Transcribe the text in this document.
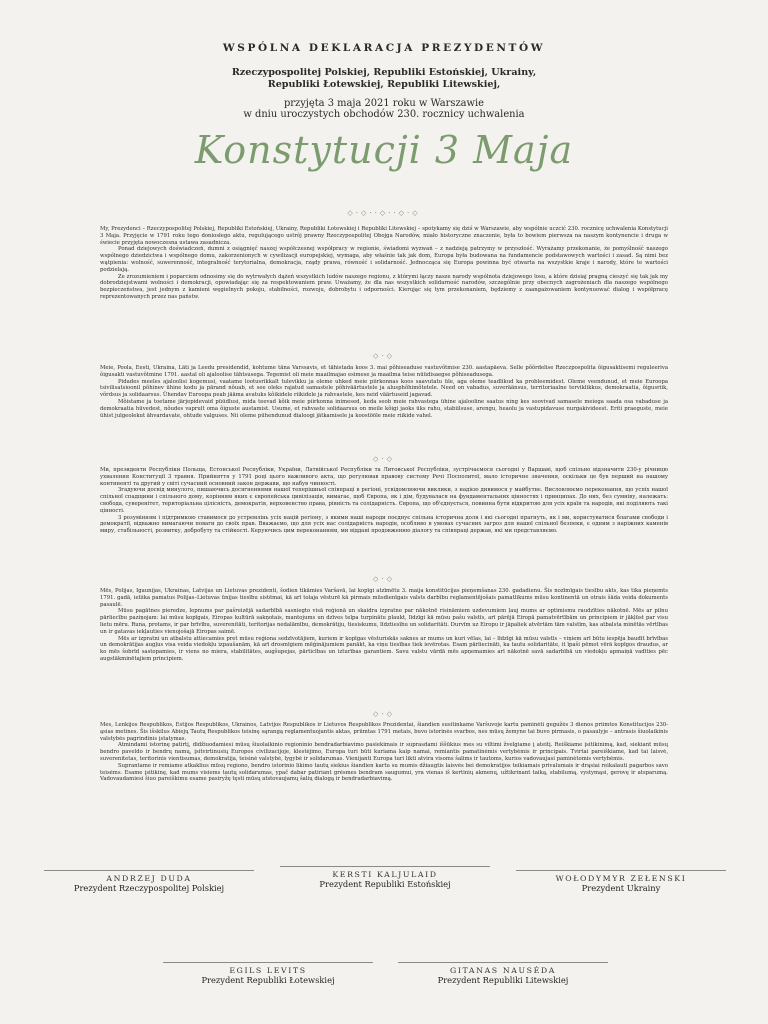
WSPÓLNA DEKLARACJA PREZYDENTÓW
Rzeczypospolitej Polskiej, Republiki Estońskiej, Ukrainy,
Republiki Łotewskiej, Republiki Litewskiej,
przyjęta 3 maja 2021 roku w Warszawie
w dniu uroczystych obchodów 230. rocznicy uchwalenia
Konstytucji 3 Maja
◇·◇··◇··◇·◇

My, Prezydenci – Rzeczypospolitej Polskiej, Republiki Estońskiej, Ukrainy, Republiki Łotewskiej i Republiki Litewskiej – spotykamy się dziś w Warszawie, aby wspólnie uczcić 230. rocznicę uchwalenia Konstytucji 3 Maja. Przyjęcie w 1791 roku tego doniosłego aktu, regulującego ustrój prawny Rzeczypospolitej Obojga Narodów, miało historyczne znaczenie, była to bowiem pierwsza na naszym kontynencie i druga w świecie przyjęta nowoczesna ustawa zasadnicza.

Ponad dziejowych doświadczeń, dumni z osiągnięć naszej współczesnej współpracy w regionie, świadomi wyzwań – z nadzieją patrzymy w przyszłość. Wyrażamy przekonanie, że pomyślność naszego wspólnego dziedzictwa i wspólnego domu, zakorzenionych w cywilizacji europejskiej, wymaga, aby właśnie tak jak dom, Europa była budowana na fundamencie podstawowych wartości i zasad. Są nimi bez wątpienia: wolność, suwerenność, integralność terytorialna, demokracja, rządy prawa, równość i solidarność. Jednocząca się Europa powinna być otwarta na wszystkie kraje i narody, które te wartości podzielają.

Ze zrozumieniem i poparciem odnosimy się do wytrwałych dążeń wszystkich ludów naszego regionu, z którymi łączy nasze narody wspólnota dziejowego losu, a które dzisiaj pragną cieszyć się tak jak my dobrodziejstwami wolności i demokracji, opowiadając się za respektowaniem praw. Uważamy, że dla nas wszystkich solidarność narodów, szczególnie przy obecnych zagrożeniach dla naszego wspólnego bezpieczeństwa, jest jednym z kamieni węgielnych pokoju, stabilności, rozwoju, dobrobytu i odporności. Kierując się tym przekonaniem, będziemy z zaangażowaniem kontynuować dialog i współpracę reprezentowanych przez nas państw.

◇·◇

Meie, Poola, Eesti, Ukraina, Läti ja Leedu presidendid, kohtume täna Varssavis, et tähistada koos 3. mai põhiseaduse vastuvõtmise 230. aastapäeva. Selle põõrdelise Rzeczpospolita õigusaktisemi reguleeriva õigusakti vastuvõtmine 1791. aastal oli ajaloolise tähtsusega. Tegemist oli meie maailmajao esimese ja maailma teise nüüdisaegse põhiseadusega.

Pidades meeles ajaloolisi kogemusi, vaatame lootusrikkalt tulevikku ja oleme uhked meie piirkonnas koos saavutatu üle, aga oleme teadlikud ka probleemidest. Oleme veendunud, et meie Euroopa tsivilisatsioonil põhinev ühine kodu ja pärand nõuab, et see oleks rajatud samastele põhiväärtustele ja alusphõhimõtetele. Need on vabadus, suveräänsus, territoriaalne terviklikkus, demokraatia, õigusriik, võrdsus ja solidaarsus. Ühendav Euroopa peab jääma avatuks kõikidele riikidele ja rahvastele, kes neid väärtuseid jagavad.

Mõistame ja toetame järjepidevaid püüdlusi, mida teevad kõik meie piirkonna inimesed, keda seob meie rahvastega ühine ajalooline saatus ning kes soovivad samasele meiega saada osa vabaduse ja demokraatia hüvedest, nõudes vaprult oma õiguste austamist. Usume, et rahvaste solidaarsus on meile kõigi jaoks üks rahu, stabiilsuse, arengu, heaolu ja vastupidavuse nurgakivideest. Eriti praeguste, meie ühist julgeolekut ähvardavate, ohtude valguses. Nii oleme pühendunud dialoogi jätkamisele ja koostööle meie riikide vahel.

◇·◇

Ми, президенти Республіки Польща, Естонської Республіки, України, Латвійської Республіки та Литовської Республіки, зустрічаємося сьогодні у Варшаві, щоб спільно відзначити 230-у річницю ухвалення Конституції 3 травня. Прийняття у 1791 році цього важливого акта, що регулював правову систему Речі Посполитої, мало історичне значення, оскільки це був перший на нашому континенті та другий у світі сучасний основний закон держави, що набув чинності.

Згадуючи досвід минулого, пишаючись досягненнями нашої теперішньої співпраці в регіоні, усвідомлюючи виклики, з надією дивимося у майбутнє. Висловлюємо переконання, що успіх нашої спільної спадщини і спільного дому, корінням яких є європейська цивілізація, вимагає, щоб Європа, як і дім, будувалася на фундаментальних цінностях і принципах. До них, без сумніву, належать: свобода, суверенітет, територіальна цілісність, демократія, верховенство права, рівність та солідарність. Європа, що об'єднується, повинна бути відкритою для усіх країн та народів, які поділяють такі цінності.

З розумінням і підтримкою ставимося до устремлінь усіх націй регіону, з якими наші народи поєднує спільна історична доля і які сьогодні прагнуть, як і ми, користуватися благами свободи і демократії, відважно вимагаючи поваги до своїх прав. Вважаємо, що для усіх нас солідарність народів, особливо в умовах сучасних загроз для нашої спільної безпеки, є одним з наріжних каменів миру, стабільності, розвитку, добробуту та стійкості. Керуючись цим переконанням, ми віддані продовженню діалогу та співпраці держав, які ми представляємо.

◇·◇

Mēs, Polijas, Igaunijas, Ukrainas, Latvijas un Lietuvas prezidenti, šodien tikāmies Varšavā, lai kopīgi atzīmētu 3. maija konstitūcijas pieņemšanas 230. gadadienu. Šis nozīmīgais tiesību akts, kas tika pieņemts 1791. gadā, ieliika pamatus Polijas–Lietuvas ūnijas tiesību sistēmai, kā arī tolaja vēsturē kā pirmais mūsdienīgais valsts darbību reglamentējošais pamatlikums mūsu kontinentā un otrais šāda veida dokuments pasaulē.

Mūsu pagātnes pieredze, lepnums par pašreizējā sadarbībā sasniegto visā reģionā un skaidra izpratne par nākotnē risināmiem uzdevumiem ļauj mums ar optimismu raudzīties nākotnē. Mēs ar pilnu pārliecību paziņojam: lai mūsu kopīgais, Eiropas kultūrā sakņotais, mantojums un dzīves telpa turpinātu plaukt, līdzīgi kā mūsu pašu valstīs, arī pārējā Eiropā pamatvērtībām un principiem ir jākļūst par visu lietu mēru. Runa, protams, ir par brīvību, suverenitāti, teritorijas nedalāmību, demokrātiju, tiesiskumu, līdztiesību un solidaritāti. Durvīm uz Eiropu ir jāpaliek atvērtām tām valstīm, kas atbalsta minētās vērtības un ir gatavas iekļauties vienojošajā Eiropas saimē.

Mēs ar izpratni un atbalstu attiecamies pret mūsu reģiona sedzīvotājiem, kuriem ir kopīgas vēsturiskās saknes ar mums un kuri vēlas, lai – līdzīgi kā mūsu valstīs – viņiem arī būtu iespēja baudīt brīvības un demokrātijas augļus visa veida viedokļu izpaušanām, kā arī drosmīgiem mēģinājumiem panākt, ka viņu tiesības tiek ievērotas. Esam pārliecināti, ka tautu solidaritāte, it īpaši pēmot vērā kopīgos draudus, ar ko mēs šobrīd sastopamies, ir viens no miera, stabilitātes, augšupejas, pārticības un izturības garantiem. Savu valstu vārdā mēs apņemamies arī nākotnē savā sadarbībā un viedokļu apmaiņā vadīties pēc augstākminētajiem principiem.

◇·◇

Mes, Lenkijos Respublikos, Estijos Respublikos, Ukrainos, Latvijos Respublikos ir Lietuvos Respublikos Prezidentai, šiandien susitinkame Varšuvoje kartu paminėti gegužės 3 dienos priimtos Konstitucijos 230-ąsias metines. Šis išskilus Abiejų Tautų Respublikos teisinę sąrangą reglamentuojantis aktas, priimtas 1791 metais, buvo istorinės svarbos, nes mūsų žemyne tai buvo pirmasis, o pasaulyje – antrasis šiuolaikinis valstybės pagrindinis įstatymas.

Atmindami istorinę patirtį, didžiuodamiesi mūsų šiuolaikinio regioninio bendradarbiavimo pasiekimais ir suprasdami iššūkius mes su viltimi žvelgiame į ateitį. Reiškiame įsitikinimą, kad, siekiant mūsų bendro paveldo ir bendrų namų, įsitvirtinusių Europos civilizacijoje, klestėjimo, Europa turi būti kuriama kaip namai, remiantis pamatinėmis vertybėmis ir principais. Tvirtai pareiškiame, kad tai laisvė, suverenitetas, teritorinis vientisumas, demokratija, teisinė valstybė, lygybė ir solidarumas. Vienijanti Europa turi likti atvira visoms šalims ir tautoms, kurios vadovaujasi paminėtomis vertybėmis.

Suprantame ir remiame atkaklius mūsų regiono, bendro istorinio likimo tautų siekius šiandien kartu su mumis džiaugtis laisvės bei demokratijos teikiamais privalumais ir drąsiai reikalauti pagarbos savo teisėms. Esame įsitikinę, kad mums visiems tautų solidarumas, ypač dabar patiriant grėsmes bendram saugumui, yra vienas iš kertinių akmenų, užtikrinant taiką, stabilumą, vystymąsi, gerovę ir atsparumą. Vadovaudamiesi šiuo pareiškimu esame pasiryžę tęsti mūsų atstovaujamų šalių dialogą ir bendradarbiavimą.

ANDRZEJ DUDA
Prezydent Rzeczypospolitej Polskiej
KERSTI KALJULAID
Prezydent Republiki Estońskiej
WOŁODYMYR ZEŁENSKI
Prezydent Ukrainy
EGILS LEVITS
Prezydent Republiki Łotewskiej
GITANAS NAUSĖDA
Prezydent Republiki Litewskiej
